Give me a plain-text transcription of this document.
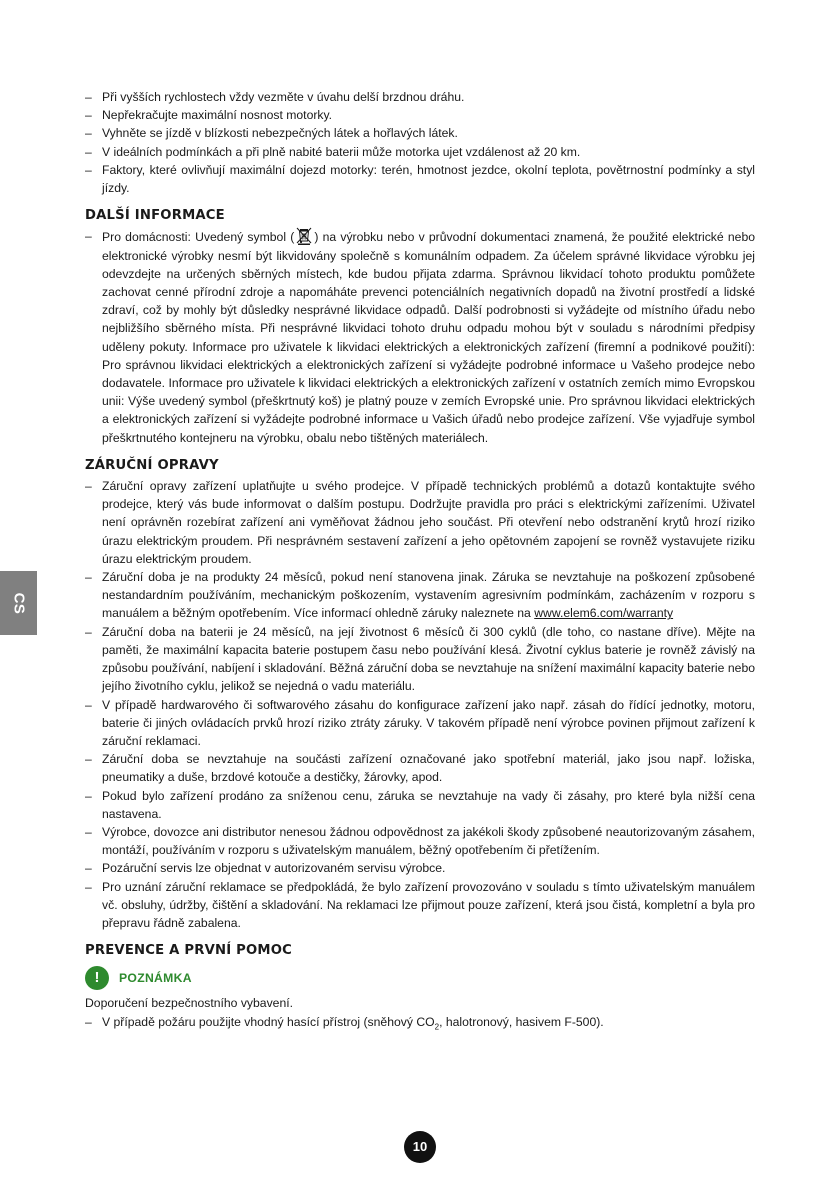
– Při vyšších rychlostech vždy vezměte v úvahu delší brzdnou dráhu.
– Nepřekračujte maximální nosnost motorky.
– Vyhněte se jízdě v blízkosti nebezpečných látek a hořlavých látek.
– V ideálních podmínkách a při plně nabité baterii může motorka ujet vzdálenost až 20 km.
– Faktory, které ovlivňují maximální dojezd motorky: terén, hmotnost jezdce, okolní teplota, povětrnostní podmínky a styl jízdy.
DALŠÍ INFORMACE
– Pro domácnosti: Uvedený symbol ( ) na výrobku nebo v průvodní dokumentaci znamená, že použité elektrické nebo elektronické výrobky nesmí být likvidovány společně s komunálním odpadem. Za účelem správné likvidace výrobku jej odevzdejte na určených sběrných místech, kde budou přijata zdarma. Správnou likvidací tohoto produktu pomůžete zachovat cenné přírodní zdroje a napomáháte prevenci potenciálních negativních dopadů na životní prostředí a lidské zdraví, což by mohly být důsledky nesprávné likvidace odpadů. Další podrobnosti si vyžádejte od místního úřadu nebo nejbližšího sběrného místa. Při nesprávné likvidaci tohoto druhu odpadu mohou být v souladu s národními předpisy uděleny pokuty. Informace pro uživatele k likvidaci elektrických a elektronických zařízení (firemní a podnikové použití): Pro správnou likvidaci elektrických a elektronických zařízení si vyžádejte podrobné informace u Vašeho prodejce nebo dodavatele. Informace pro uživatele k likvidaci elektrických a elektronických zařízení v ostatních zemích mimo Evropskou unii: Výše uvedený symbol (přeškrtnutý koš) je platný pouze v zemích Evropské unie. Pro správnou likvidaci elektrických a elektronických zařízení si vyžádejte podrobné informace u Vašich úřadů nebo prodejce zařízení. Vše vyjadřuje symbol přeškrtnutého kontejneru na výrobku, obalu nebo tištěných materiálech.
ZÁRUČNÍ OPRAVY
– Záruční opravy zařízení uplatňujte u svého prodejce. V případě technických problémů a dotazů kontaktujte svého prodejce, který vás bude informovat o dalším postupu. Dodržujte pravidla pro práci s elektrickými zařízeními. Uživatel není oprávněn rozebírat zařízení ani vyměňovat žádnou jeho součást. Při otevření nebo odstranění krytů hrozí riziko úrazu elektrickým proudem. Při nesprávném sestavení zařízení a jeho opětovném zapojení se rovněž vystavujete riziku úrazu elektrickým proudem.
– Záruční doba je na produkty 24 měsíců, pokud není stanovena jinak. Záruka se nevztahuje na poškození způsobené nestandardním používáním, mechanickým poškozením, vystavením agresivním podmínkám, zacházením v rozporu s manuálem a běžným opotřebením. Více informací ohledně záruky naleznete na www.elem6.com/warranty
– Záruční doba na baterii je 24 měsíců, na její životnost 6 měsíců či 300 cyklů (dle toho, co nastane dříve). Mějte na paměti, že maximální kapacita baterie postupem času nebo používání klesá. Životní cyklus baterie je rovněž závislý na způsobu používání, nabíjení i skladování. Běžná záruční doba se nevztahuje na snížení maximální kapacity baterie nebo jejího životního cyklu, jelikož se nejedná o vadu materiálu.
– V případě hardwarového či softwarového zásahu do konfigurace zařízení jako např. zásah do řídící jednotky, motoru, baterie či jiných ovládacích prvků hrozí riziko ztráty záruky. V takovém případě není výrobce povinen přijmout zařízení k záruční reklamaci.
– Záruční doba se nevztahuje na součásti zařízení označované jako spotřební materiál, jako jsou např. ložiska, pneumatiky a duše, brzdové kotouče a destičky, žárovky, apod.
– Pokud bylo zařízení prodáno za sníženou cenu, záruka se nevztahuje na vady či zásahy, pro které byla nižší cena nastavena.
– Výrobce, dovozce ani distributor nenesou žádnou odpovědnost za jakékoli škody způsobené neautorizovaným zásahem, montáží, používáním v rozporu s uživatelským manuálem, běžný opotřebením či přetížením.
– Pozáruční servis lze objednat v autorizovaném servisu výrobce.
– Pro uznání záruční reklamace se předpokládá, že bylo zařízení provozováno v souladu s tímto uživatelským manuálem vč. obsluhy, údržby, čištění a skladování. Na reklamaci lze přijmout pouze zařízení, která jsou čistá, kompletní a byla pro přepravu řádně zabalena.
PREVENCE A PRVNÍ POMOC
!	POZNÁMKA

Doporučení bezpečnostního vybavení.

– V případě požáru použijte vhodný hasící přístroj (sněhový $CO_2$, halotronový, hasivem F-500).
CS
10
